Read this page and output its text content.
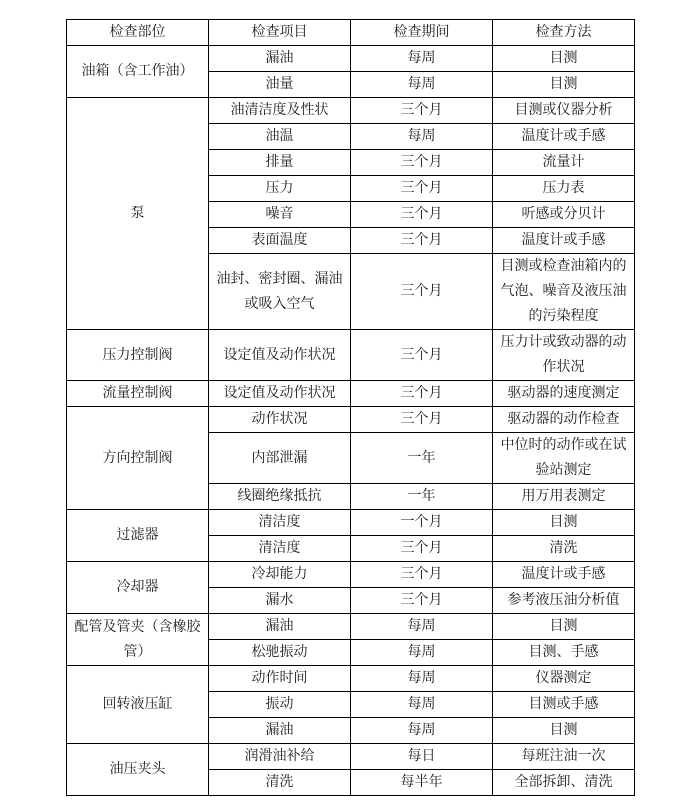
检查部位	检查项目	检查期间	检查方法
油箱（含工作油）	漏油	每周	目测
	油量	每周	目测
泵	油清洁度及性状	三个月	目测或仪器分析
	油温	每周	温度计或手感
	排量	三个月	流量计
	压力	三个月	压力表
	噪音	三个月	听感或分贝计
	表面温度	三个月	温度计或手感
	油封、密封圈、漏油或吸入空气	三个月	目测或检查油箱内的气泡、噪音及液压油的污染程度
压力控制阀	设定值及动作状况	三个月	压力计或致动器的动作状况
流量控制阀	设定值及动作状况	三个月	驱动器的速度测定
方向控制阀	动作状况	三个月	驱动器的动作检查
	内部泄漏	一年	中位时的动作或在试验站测定
	线圈绝缘抵抗	一年	用万用表测定
过滤器	清洁度	一个月	目测
	清洁度	三个月	清洗
冷却器	冷却能力	三个月	温度计或手感
	漏水	三个月	参考液压油分析值
配管及管夹（含橡胶管）	漏油	每周	目测
	松驰振动	每周	目测、手感
回转液压缸	动作时间	每周	仪器测定
	振动	每周	目测或手感
	漏油	每周	目测
油压夹头	润滑油补给	每日	每班注油一次
	清洗	每半年	全部拆卸、清洗
